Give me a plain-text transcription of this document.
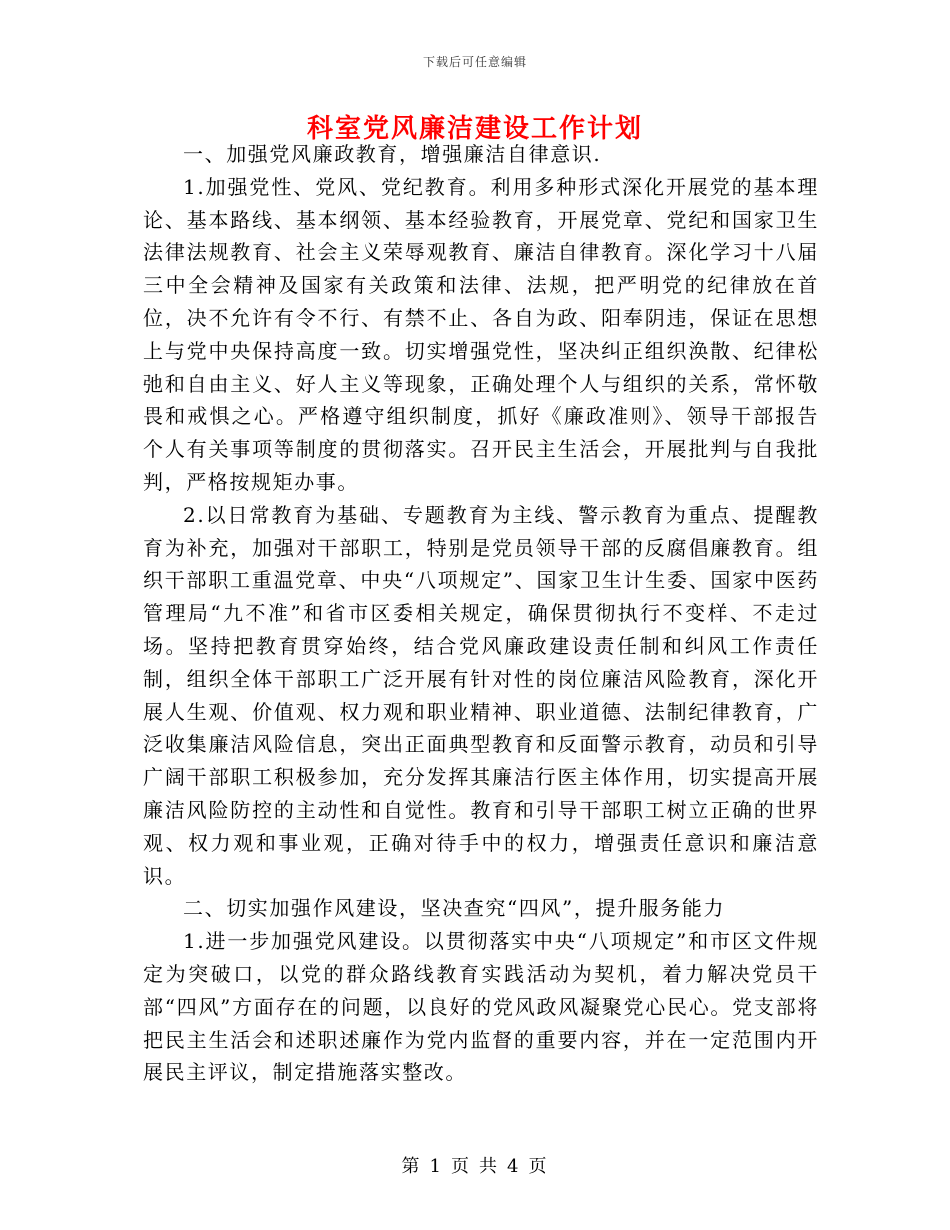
下载后可任意编辑
科室党风廉洁建设工作计划

一、加强党风廉政教育，增强廉洁自律意识.

1.加强党性、党风、党纪教育。利用多种形式深化开展党的基本理论、基本路线、基本纲领、基本经验教育，开展党章、党纪和国家卫生法律法规教育、社会主义荣辱观教育、廉洁自律教育。深化学习十八届三中全会精神及国家有关政策和法律、法规，把严明党的纪律放在首位，决不允许有令不行、有禁不止、各自为政、阳奉阴违，保证在思想上与党中央保持高度一致。切实增强党性，坚决纠正组织涣散、纪律松弛和自由主义、好人主义等现象，正确处理个人与组织的关系，常怀敬畏和戒惧之心。严格遵守组织制度，抓好《廉政准则》、领导干部报告个人有关事项等制度的贯彻落实。召开民主生活会，开展批判与自我批判，严格按规矩办事。

2.以日常教育为基础、专题教育为主线、警示教育为重点、提醒教育为补充，加强对干部职工，特别是党员领导干部的反腐倡廉教育。组织干部职工重温党章、中央“八项规定”、国家卫生计生委、国家中医药管理局“九不准”和省市区委相关规定，确保贯彻执行不变样、不走过场。坚持把教育贯穿始终，结合党风廉政建设责任制和纠风工作责任制，组织全体干部职工广泛开展有针对性的岗位廉洁风险教育，深化开展人生观、价值观、权力观和职业精神、职业道德、法制纪律教育，广泛收集廉洁风险信息，突出正面典型教育和反面警示教育，动员和引导广阔干部职工积极参加，充分发挥其廉洁行医主体作用，切实提高开展廉洁风险防控的主动性和自觉性。教育和引导干部职工树立正确的世界观、权力观和事业观，正确对待手中的权力，增强责任意识和廉洁意识。

二、切实加强作风建设，坚决查究“四风”，提升服务能力

1.进一步加强党风建设。以贯彻落实中央“八项规定”和市区文件规定为突破口，以党的群众路线教育实践活动为契机，着力解决党员干部“四风”方面存在的问题，以良好的党风政风凝聚党心民心。党支部将把民主生活会和述职述廉作为党内监督的重要内容，并在一定范围内开展民主评议，制定措施落实整改。

第 1 页 共 4 页
